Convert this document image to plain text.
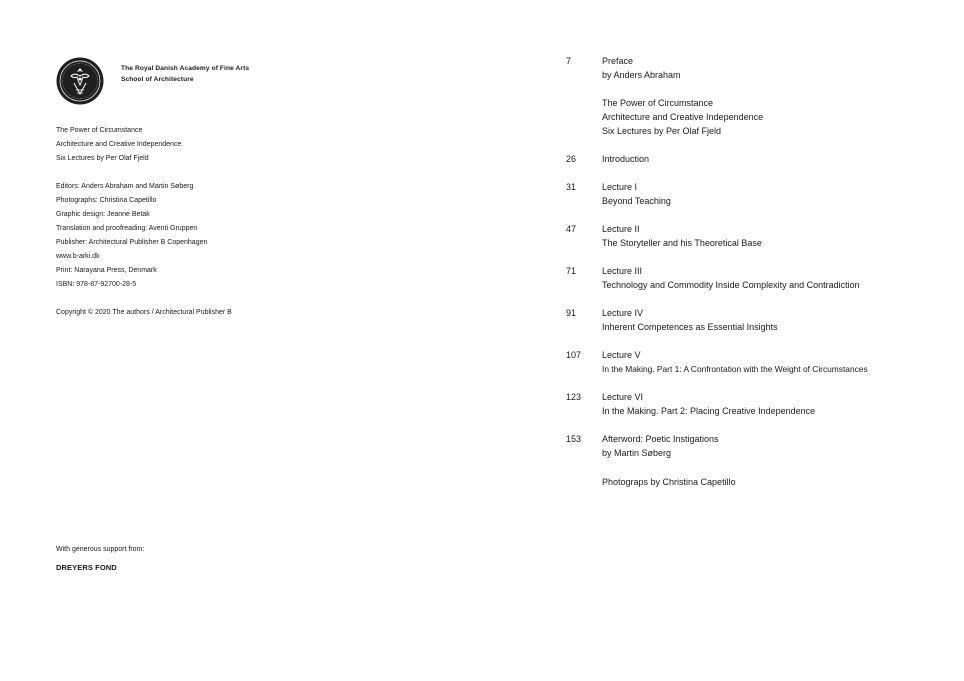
The Royal Danish Academy of Fine Arts
School of Architecture
The Power of Circumstance
Architecture and Creative Independence
Six Lectures by Per Olaf Fjeld
Editors: Anders Abraham and Martin Søberg
Photographs: Christina Capetillo
Graphic design: Jeanne Betak
Translation and proofreading: Aventi Gruppen
Publisher: Architectural Publisher B Copenhagen
www.b-arki.dk
Print: Narayana Press, Denmark
ISBN: 978-87-92700-28-5
Copyright © 2020 The authors / Architectural Publisher B
With generous support from:
DREYERS FOND
7	Preface
by Anders Abraham
The Power of Circumstance
Architecture and Creative Independence
Six Lectures by Per Olaf Fjeld
26	Introduction
31	Lecture I
Beyond Teaching
47	Lecture II
The Storyteller and his Theoretical Base
71	Lecture III
Technology and Commodity Inside Complexity and Contradiction
91	Lecture IV
Inherent Competences as Essential Insights
107	Lecture V
In the Making. Part 1: A Confrontation with the Weight of Circumstances
123	Lecture VI
In the Making. Part 2: Placing Creative Independence
153	Afterword: Poetic Instigations
by Martin Søberg
Photograps by Christina Capetillo
